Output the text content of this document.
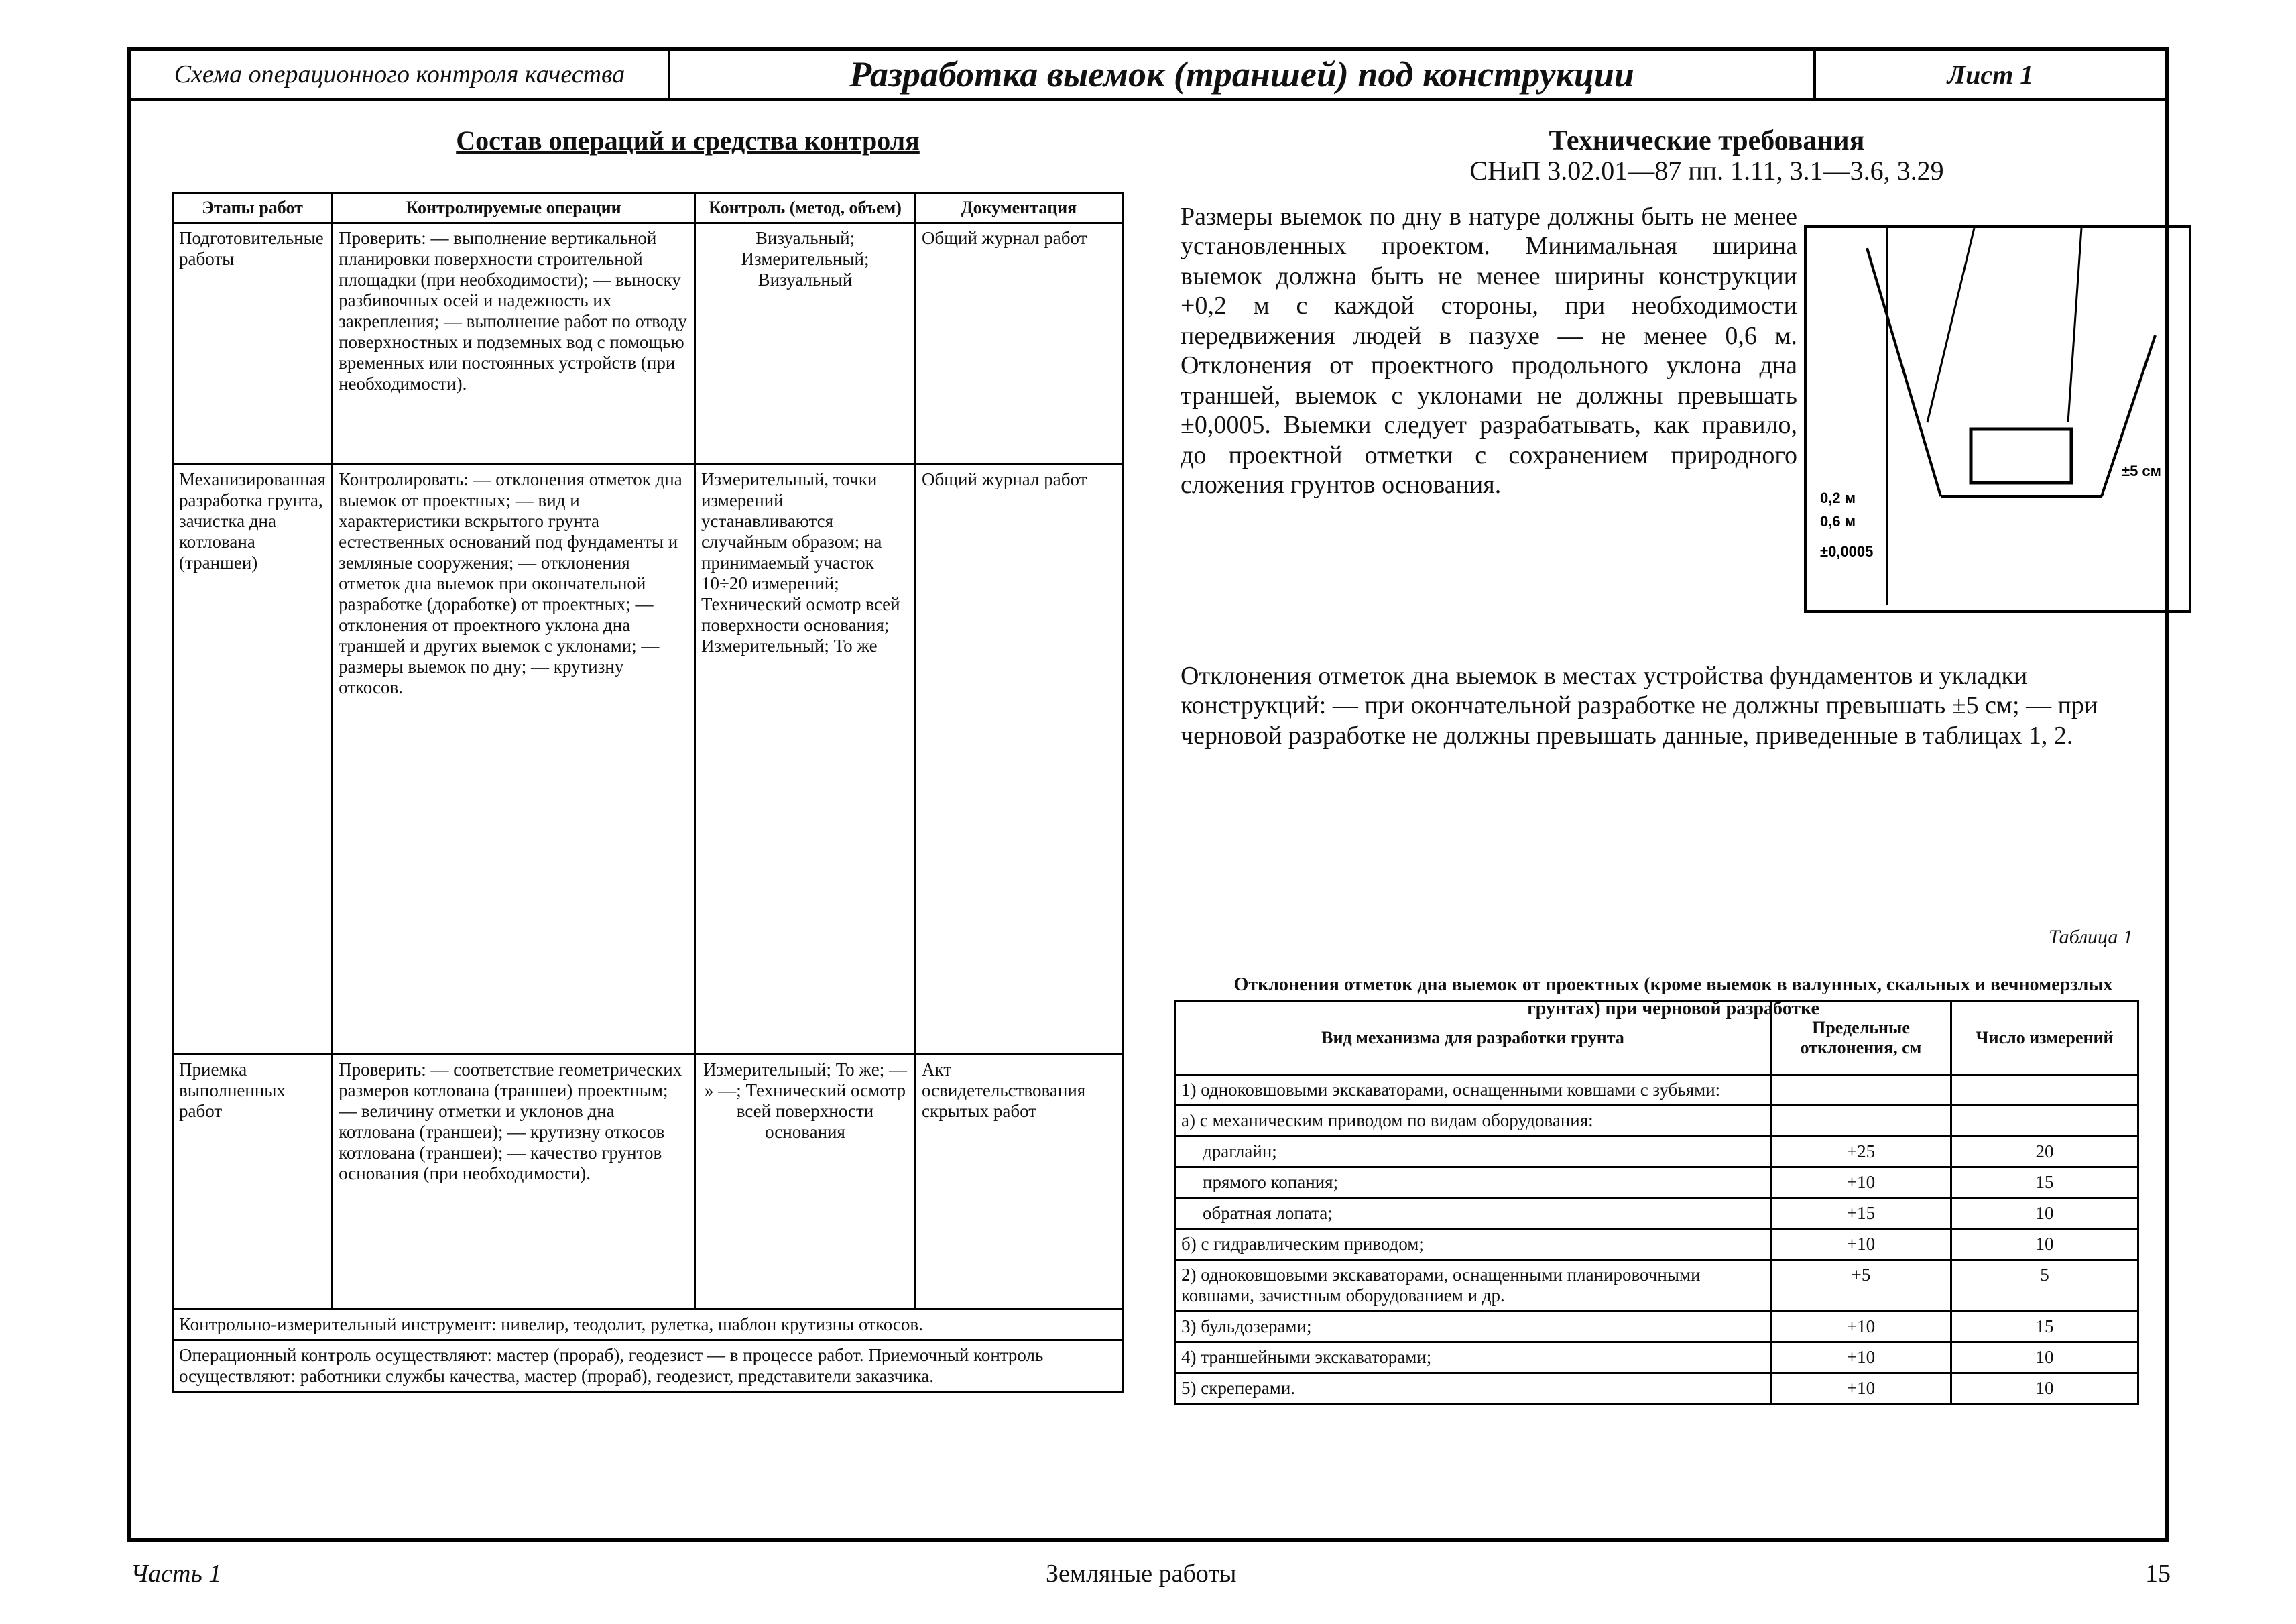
Схема операционного контроля качества	Разработка выемок (траншей) под конструкции	Лист 1
Состав операций и средства контроля
Этапы работ	Контролируемые операции	Контроль (метод, объем)	Документация
Подготовительные работы	Проверить: — выполнение вертикальной планировки поверхности строительной площадки (при необходимости); — выноску разбивочных осей и надежность их закрепления; — выполнение работ по отводу поверхностных и подземных вод с помощью временных или постоянных устройств (при необходимости).	Визуальный; Измерительный; Визуальный	Общий журнал работ
Механизированная разработка грунта, зачистка дна котлована (траншеи)	Контролировать: — отклонения отметок дна выемок от проектных; — вид и характеристики вскрытого грунта естественных оснований под фундаменты и земляные сооружения; — отклонения отметок дна выемок при окончательной разработке (доработке) от проектных; — отклонения от проектного уклона дна траншей и других выемок с уклонами; — размеры выемок по дну; — крутизну откосов.	Измерительный, точки измерений устанавливаются случайным образом; на принимаемый участок 10÷20 измерений; Технический осмотр всей поверхности основания; Измерительный; То же	Общий журнал работ
Приемка выполненных работ	Проверить: — соответствие геометрических размеров котлована (траншеи) проектным; — величину отметки и уклонов дна котлована (траншеи); — крутизну откосов котлована (траншеи); — качество грунтов основания (при необходимости).	Измерительный; То же; — » —; Технический осмотр всей поверхности основания	Акт освидетельствования скрытых работ
Контрольно-измерительный инструмент: нивелир, теодолит, рулетка, шаблон крутизны откосов.			
Операционный контроль осуществляют: мастер (прораб), геодезист — в процессе работ. Приемочный контроль осуществляют: работники службы качества, мастер (прораб), геодезист, представители заказчика.			
Технические требования
СНиП 3.02.01—87 пп. 1.11, 3.1—3.6, 3.29
Размеры выемок по дну в натуре должны быть не менее установленных проектом. Минимальная ширина выемок должна быть не менее ширины конструкции +0,2 м с каждой стороны, при необходимости передвижения людей в пазухе — не менее 0,6 м. Отклонения от проектного продольного уклона дна траншей, выемок с уклонами не должны превышать ±0,0005. Выемки следует разрабатывать, как правило, до проектной отметки с сохранением природного сложения грунтов основания.	0,2 м
0,6 м
±0,0005
±5 см
Отклонения отметок дна выемок в местах устройства фундаментов и укладки конструкций: — при окончательной разработке не должны превышать ±5 см; — при черновой разработке не должны превышать данные, приведенные в таблицах 1, 2.
Таблица 1
Отклонения отметок дна выемок от проектных (кроме выемок в валунных, скальных и вечномерзлых грунтах) при черновой разработке
Вид механизма для разработки грунта	Предельные отклонения, см	Число измерений
1) одноковшовыми экскаваторами, оснащенными ковшами с зубьями:		
а) с механическим приводом по видам оборудования:		
драглайн;	+25	20
прямого копания;	+10	15
обратная лопата;	+15	10
б) с гидравлическим приводом;	+10	10
2) одноковшовыми экскаваторами, оснащенными планировочными ковшами, зачистным оборудованием и др.	+5	5
3) бульдозерами;	+10	15
4) траншейными экскаваторами;	+10	10
5) скреперами.	+10	10
Часть 1	Земляные работы	15
